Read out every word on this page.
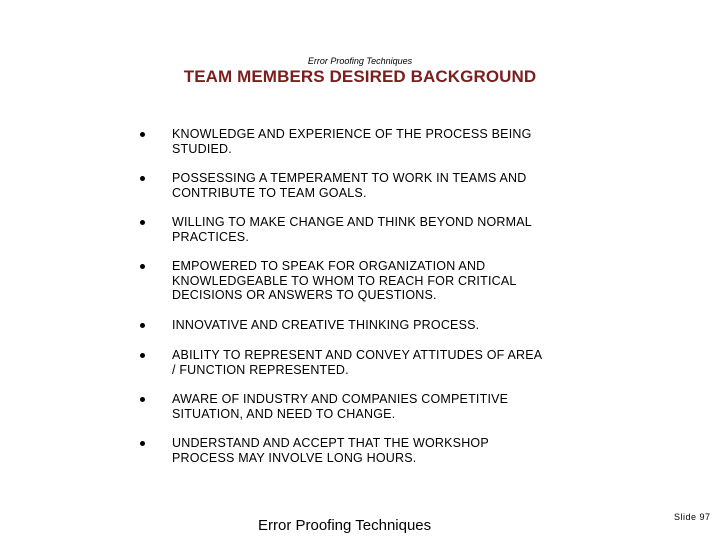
Error Proofing Techniques
TEAM MEMBERS DESIRED BACKGROUND
KNOWLEDGE AND EXPERIENCE OF THE PROCESS BEING
STUDIED.
POSSESSING A TEMPERAMENT TO WORK IN TEAMS AND
CONTRIBUTE TO TEAM GOALS.
WILLING TO MAKE CHANGE AND THINK BEYOND NORMAL
PRACTICES.
EMPOWERED TO SPEAK FOR ORGANIZATION AND
KNOWLEDGEABLE TO WHOM TO REACH FOR CRITICAL
DECISIONS OR ANSWERS TO QUESTIONS.
INNOVATIVE AND CREATIVE THINKING PROCESS.
ABILITY TO REPRESENT AND CONVEY ATTITUDES OF AREA
/ FUNCTION REPRESENTED.
AWARE OF INDUSTRY AND COMPANIES COMPETITIVE
SITUATION, AND NEED TO CHANGE.
UNDERSTAND AND ACCEPT THAT THE WORKSHOP
PROCESS MAY INVOLVE LONG HOURS.
Error Proofing Techniques	Slide 97
